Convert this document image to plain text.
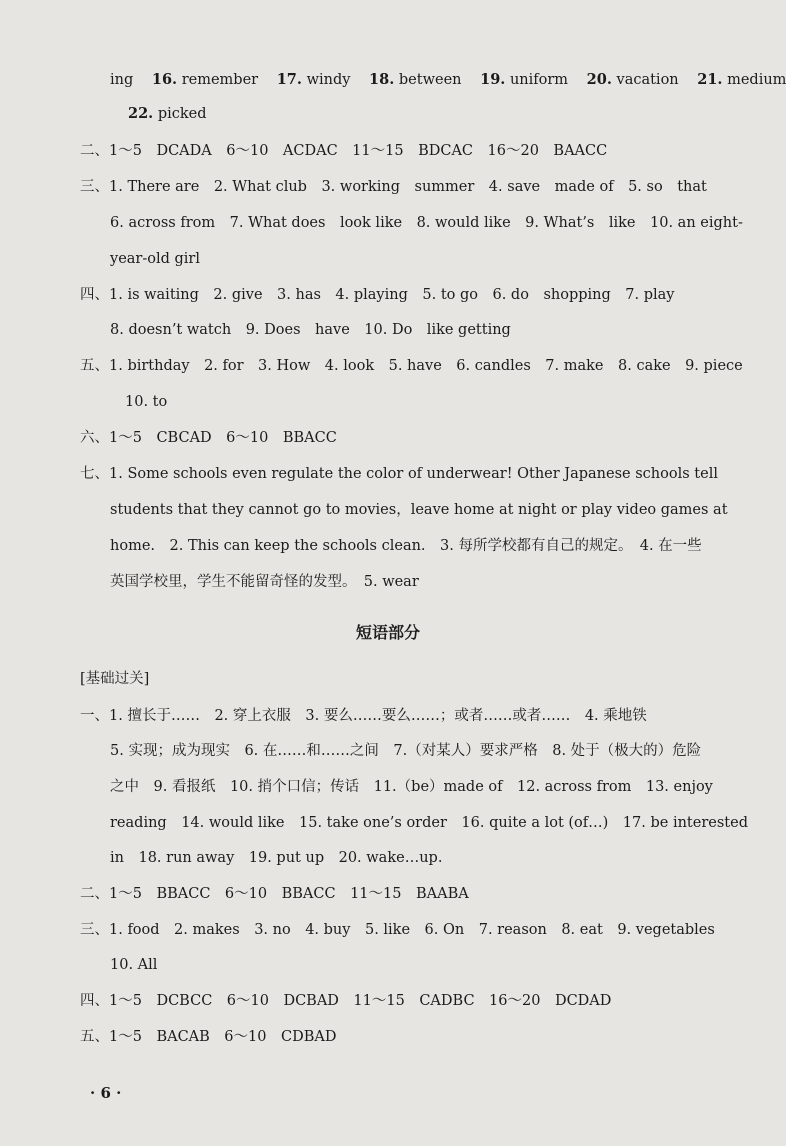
ing 16. remember 17. windy 18. between 19. uniform 20. vacation 21. medium
22. picked
二、1～5　DCADA　6～10　ACDAC　11～15　BDCAC　16～20　BAACC
三、1. There are　2. What club　3. working　summer　4. save　made of　5. so　that
6. across from　7. What does　look like　8. would like　9. What’s　like　10. an eight-
year-old girl
四、1. is waiting　2. give　3. has　4. playing　5. to go　6. do　shopping　7. play
8. doesn’t watch　9. Does　have　10. Do　like getting
五、1. birthday　2. for　3. How　4. look　5. have　6. candles　7. make　8. cake　9. piece
10. to
六、1～5　CBCAD　6～10　BBACC
七、1. Some schools even regulate the color of underwear! Other Japanese schools tell
students that they cannot go to movies，leave home at night or play video games at
home.　2. This can keep the schools clean.　3. 每所学校都有自己的规定。　4. 在一些
英国学校里，学生不能留奇怪的发型。　5. wear
短语部分
[基础过关]
一、1. 擅长于……　2. 穿上衣服　3. 要么……要么……；或者……或者……　4. 乘地铁
5. 实现；成为现实　6. 在……和……之间　7.（对某人）要求严格　8. 处于（极大的）危险
之中　9. 看报纸　10. 捎个口信；传话　11.（be）made of　12. across from　13. enjoy
reading　14. would like　15. take one’s order　16. quite a lot (of…)　17. be interested
in　18. run away　19. put up　20. wake…up.
二、1～5　BBACC　6～10　BBACC　11～15　BAABA
三、1. food　2. makes　3. no　4. buy　5. like　6. On　7. reason　8. eat　9. vegetables
10. All
四、1～5　DCBCC　6～10　DCBAD　11～15　CADBC　16～20　DCDAD
五、1～5　BACAB　6～10　CDBAD
· 6 ·
